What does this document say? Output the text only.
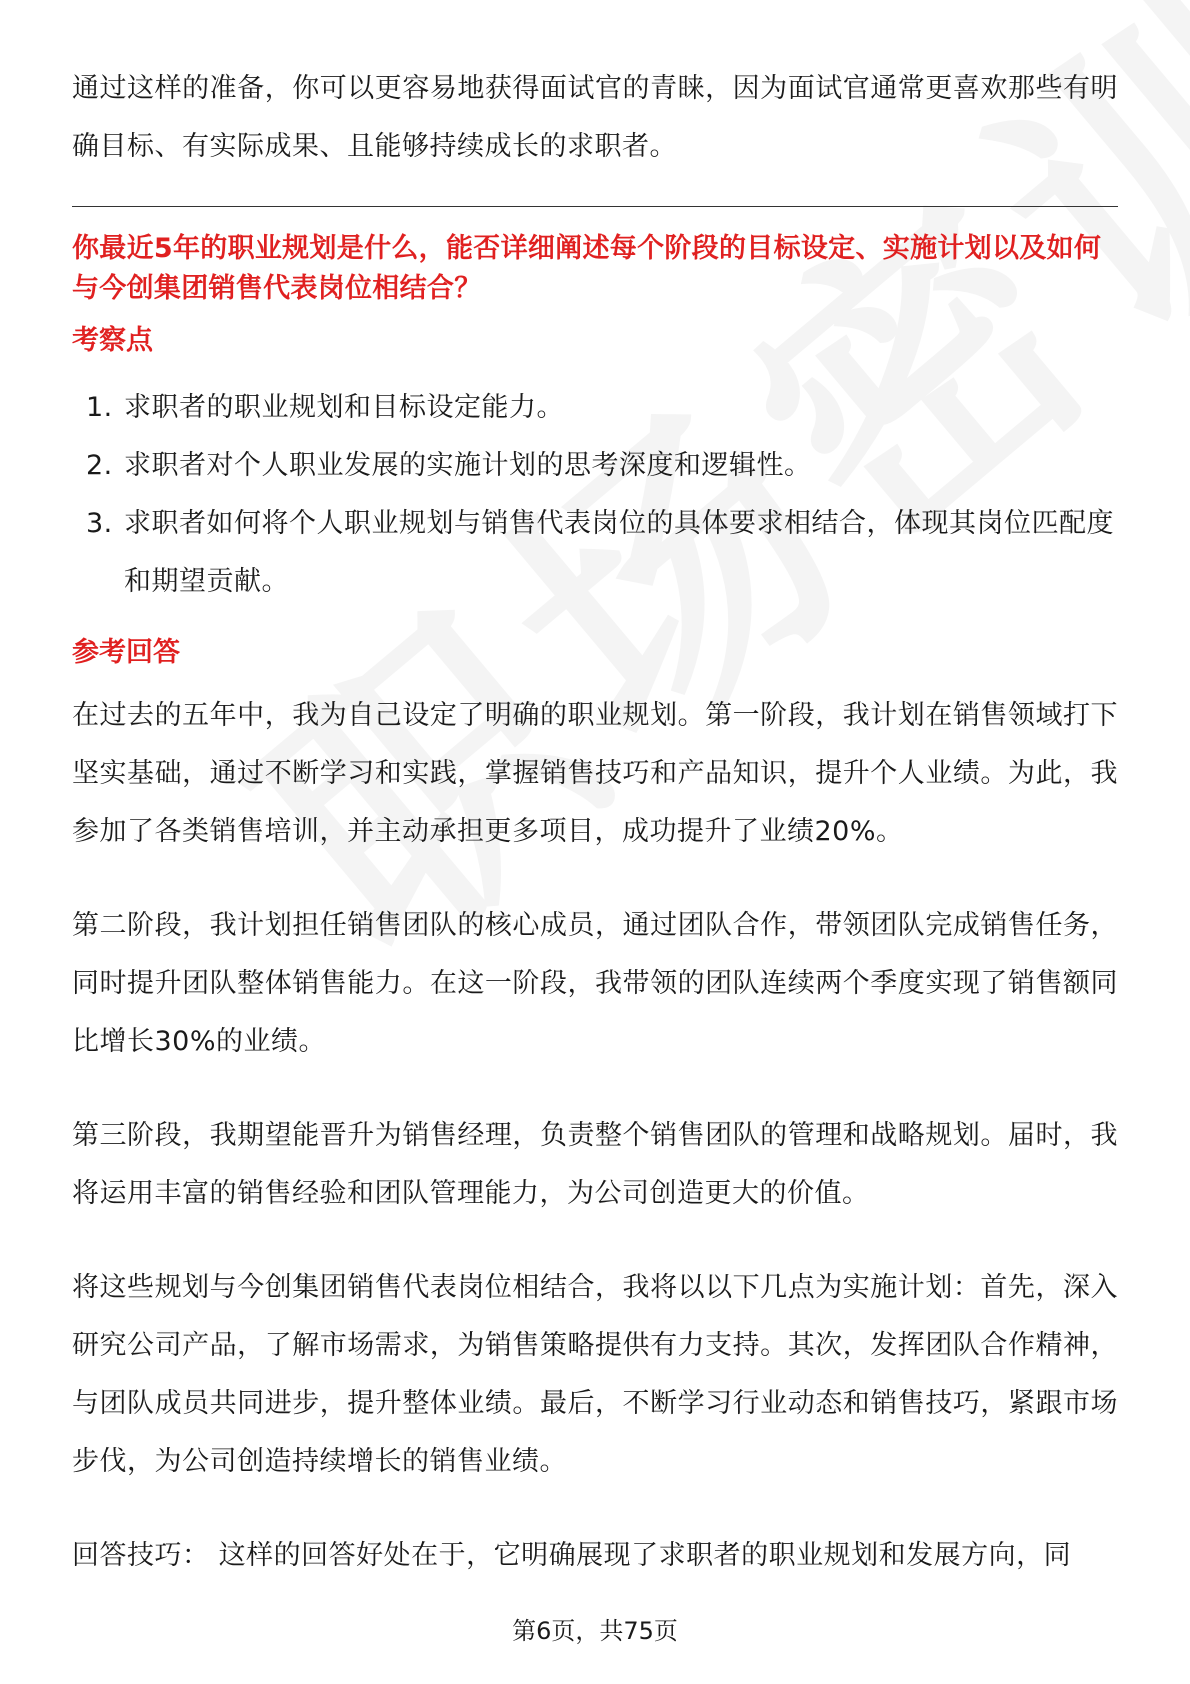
通过这样的准备，你可以更容易地获得面试官的青睐，因为面试官通常更喜欢那些有明确目标、有实际成果、且能够持续成长的求职者。

你最近5年的职业规划是什么，能否详细阐述每个阶段的目标设定、实施计划以及如何与今创集团销售代表岗位相结合？
考察点
1. 求职者的职业规划和目标设定能力。
2. 求职者对个人职业发展的实施计划的思考深度和逻辑性。
3. 求职者如何将个人职业规划与销售代表岗位的具体要求相结合，体现其岗位匹配度和期望贡献。
参考回答

在过去的五年中，我为自己设定了明确的职业规划。第一阶段，我计划在销售领域打下坚实基础，通过不断学习和实践，掌握销售技巧和产品知识，提升个人业绩。为此，我参加了各类销售培训，并主动承担更多项目，成功提升了业绩20%。

第二阶段，我计划担任销售团队的核心成员，通过团队合作，带领团队完成销售任务，同时提升团队整体销售能力。在这一阶段，我带领的团队连续两个季度实现了销售额同比增长30%的业绩。

第三阶段，我期望能晋升为销售经理，负责整个销售团队的管理和战略规划。届时，我将运用丰富的销售经验和团队管理能力，为公司创造更大的价值。

将这些规划与今创集团销售代表岗位相结合，我将以以下几点为实施计划：首先，深入研究公司产品，了解市场需求，为销售策略提供有力支持。其次，发挥团队合作精神，与团队成员共同进步，提升整体业绩。最后，不断学习行业动态和销售技巧，紧跟市场步伐，为公司创造持续增长的销售业绩。

回答技巧： 这样的回答好处在于，它明确展现了求职者的职业规划和发展方向，同

第6页，共75页
